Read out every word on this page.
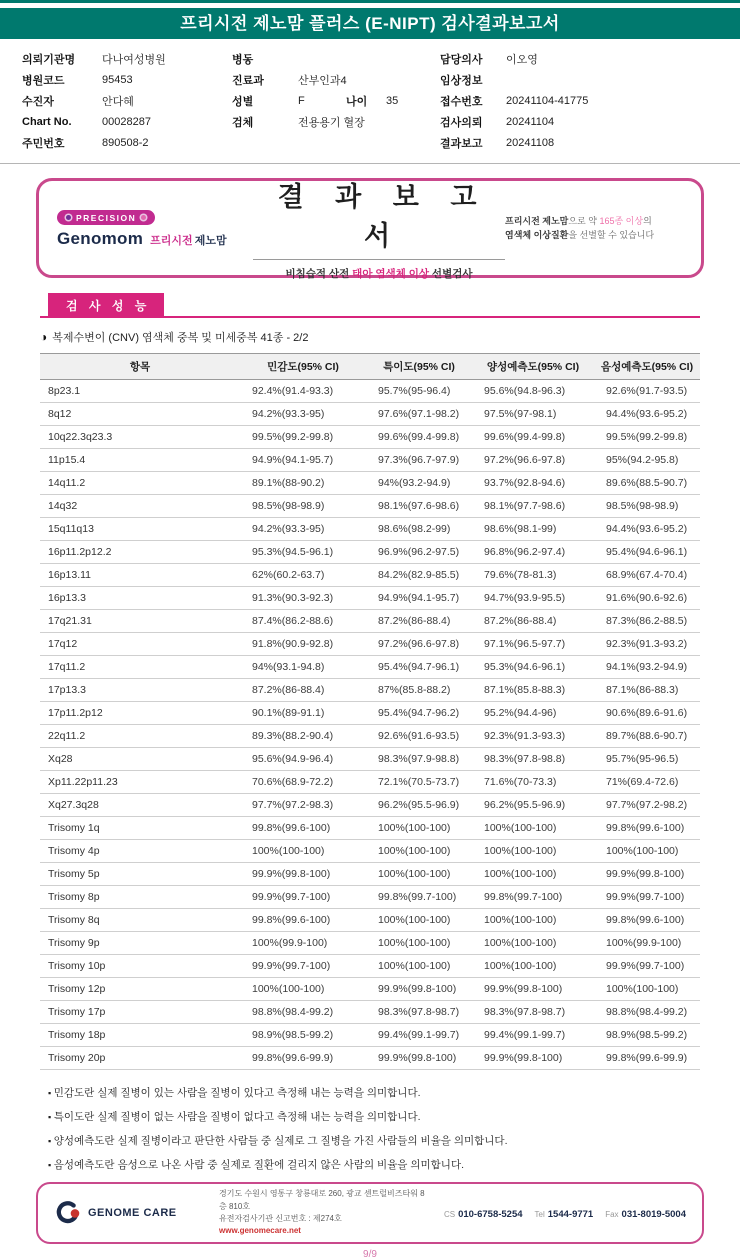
프리시전 제노맘 플러스 (E-NIPT) 검사결과보고서
의뢰기관명	다나여성병원
병원코드	95453
수진자	안다혜
Chart No.	00028287
주민번호	890508-2
병동
진료과	산부인과4
성별	F	나이	35
검체	전용용기 혈장
담당의사	이오영
임상정보
접수번호	20241104-41775
검사의뢰	20241104
결과보고	20241108
PRECISION
Genomom 프리시전 제노맘
결 과 보 고 서
비침습적 산전 태아 염색체 이상 선별검사
프리시전 제노맘으로 약 165종 이상의
염색체 이상질환을 선별할 수 있습니다
검 사 성 능
◑ 복제수변이 (CNV) 염색체 중복 및 미세중복 41종 - 2/2
항목	민감도(95% CI)	특이도(95% CI)	양성예측도(95% CI)	음성예측도(95% CI)
8p23.1	92.4%(91.4-93.3)	95.7%(95-96.4)	95.6%(94.8-96.3)	92.6%(91.7-93.5)
8q12	94.2%(93.3-95)	97.6%(97.1-98.2)	97.5%(97-98.1)	94.4%(93.6-95.2)
10q22.3q23.3	99.5%(99.2-99.8)	99.6%(99.4-99.8)	99.6%(99.4-99.8)	99.5%(99.2-99.8)
11p15.4	94.9%(94.1-95.7)	97.3%(96.7-97.9)	97.2%(96.6-97.8)	95%(94.2-95.8)
14q11.2	89.1%(88-90.2)	94%(93.2-94.9)	93.7%(92.8-94.6)	89.6%(88.5-90.7)
14q32	98.5%(98-98.9)	98.1%(97.6-98.6)	98.1%(97.7-98.6)	98.5%(98-98.9)
15q11q13	94.2%(93.3-95)	98.6%(98.2-99)	98.6%(98.1-99)	94.4%(93.6-95.2)
16p11.2p12.2	95.3%(94.5-96.1)	96.9%(96.2-97.5)	96.8%(96.2-97.4)	95.4%(94.6-96.1)
16p13.11	62%(60.2-63.7)	84.2%(82.9-85.5)	79.6%(78-81.3)	68.9%(67.4-70.4)
16p13.3	91.3%(90.3-92.3)	94.9%(94.1-95.7)	94.7%(93.9-95.5)	91.6%(90.6-92.6)
17q21.31	87.4%(86.2-88.6)	87.2%(86-88.4)	87.2%(86-88.4)	87.3%(86.2-88.5)
17q12	91.8%(90.9-92.8)	97.2%(96.6-97.8)	97.1%(96.5-97.7)	92.3%(91.3-93.2)
17q11.2	94%(93.1-94.8)	95.4%(94.7-96.1)	95.3%(94.6-96.1)	94.1%(93.2-94.9)
17p13.3	87.2%(86-88.4)	87%(85.8-88.2)	87.1%(85.8-88.3)	87.1%(86-88.3)
17p11.2p12	90.1%(89-91.1)	95.4%(94.7-96.2)	95.2%(94.4-96)	90.6%(89.6-91.6)
22q11.2	89.3%(88.2-90.4)	92.6%(91.6-93.5)	92.3%(91.3-93.3)	89.7%(88.6-90.7)
Xq28	95.6%(94.9-96.4)	98.3%(97.9-98.8)	98.3%(97.8-98.8)	95.7%(95-96.5)
Xp11.22p11.23	70.6%(68.9-72.2)	72.1%(70.5-73.7)	71.6%(70-73.3)	71%(69.4-72.6)
Xq27.3q28	97.7%(97.2-98.3)	96.2%(95.5-96.9)	96.2%(95.5-96.9)	97.7%(97.2-98.2)
Trisomy 1q	99.8%(99.6-100)	100%(100-100)	100%(100-100)	99.8%(99.6-100)
Trisomy 4p	100%(100-100)	100%(100-100)	100%(100-100)	100%(100-100)
Trisomy 5p	99.9%(99.8-100)	100%(100-100)	100%(100-100)	99.9%(99.8-100)
Trisomy 8p	99.9%(99.7-100)	99.8%(99.7-100)	99.8%(99.7-100)	99.9%(99.7-100)
Trisomy 8q	99.8%(99.6-100)	100%(100-100)	100%(100-100)	99.8%(99.6-100)
Trisomy 9p	100%(99.9-100)	100%(100-100)	100%(100-100)	100%(99.9-100)
Trisomy 10p	99.9%(99.7-100)	100%(100-100)	100%(100-100)	99.9%(99.7-100)
Trisomy 12p	100%(100-100)	99.9%(99.8-100)	99.9%(99.8-100)	100%(100-100)
Trisomy 17p	98.8%(98.4-99.2)	98.3%(97.8-98.7)	98.3%(97.8-98.7)	98.8%(98.4-99.2)
Trisomy 18p	98.9%(98.5-99.2)	99.4%(99.1-99.7)	99.4%(99.1-99.7)	98.9%(98.5-99.2)
Trisomy 20p	99.8%(99.6-99.9)	99.9%(99.8-100)	99.9%(99.8-100)	99.8%(99.6-99.9)
▪ 민감도란 실제 질병이 있는 사람을 질병이 있다고 측정해 내는 능력을 의미합니다.
▪ 특이도란 실제 질병이 없는 사람을 질병이 없다고 측정해 내는 능력을 의미합니다.
▪ 양성예측도란 실제 질병이라고 판단한 사람들 중 실제로 그 질병을 가진 사람들의 비율을 의미합니다.
▪ 음성예측도란 음성으로 나온 사람 중 실제로 질환에 걸리지 않은 사람의 비율을 의미합니다.
GENOME CARE
경기도 수원시 영통구 창룡대로 260, 광교 센트럴비즈타워 8층 810호
유전자검사기관 신고번호 : 제274호
www.genomecare.net
CS 010-6758-5254 Tel 1544-9771 Fax 031-8019-5004
9/9
